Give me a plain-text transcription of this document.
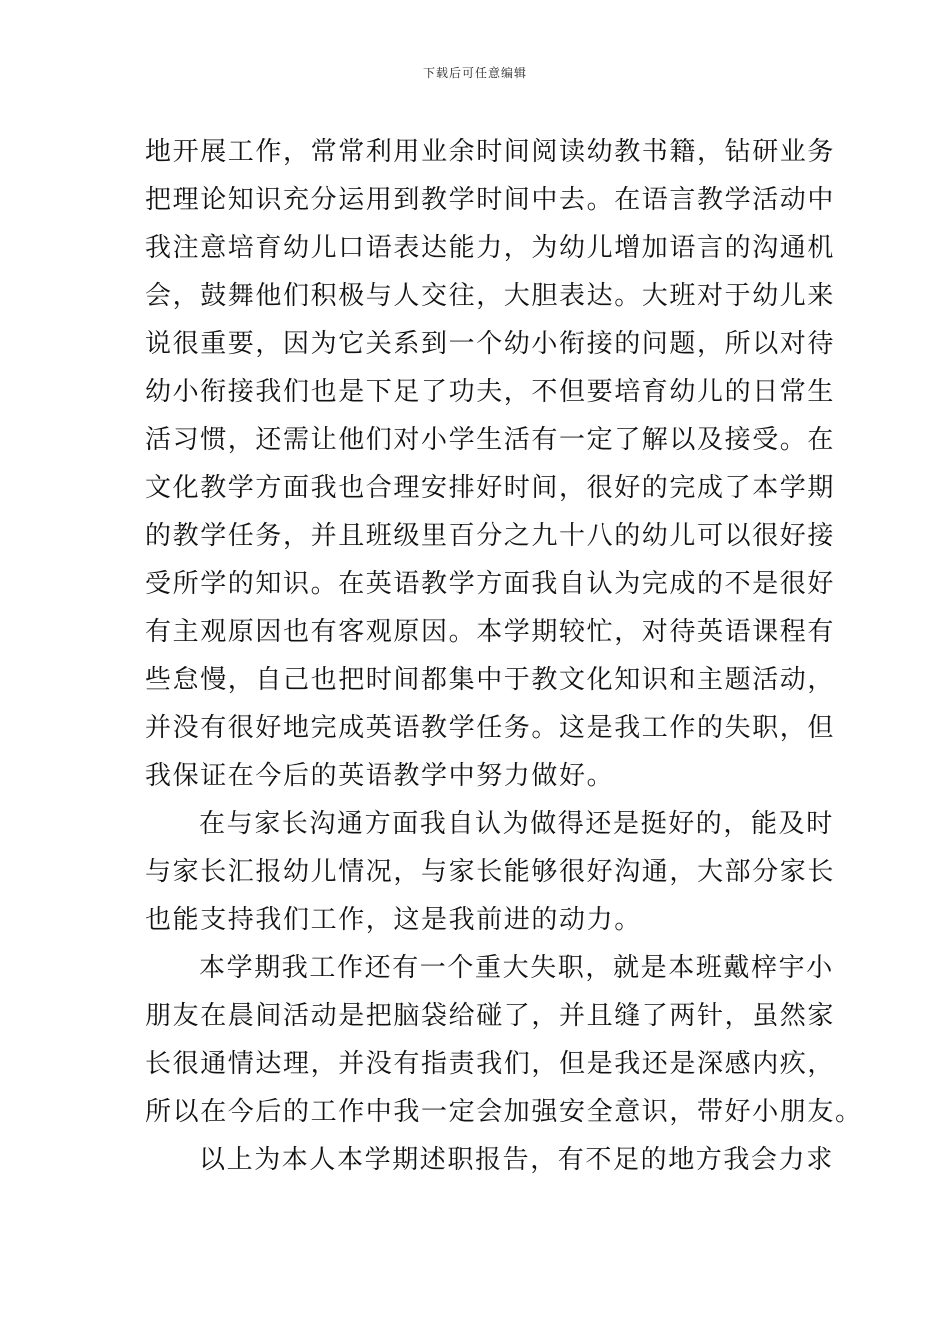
下载后可任意编辑
地开展工作，常常利用业余时间阅读幼教书籍，钻研业务
把理论知识充分运用到教学时间中去。在语言教学活动中
我注意培育幼儿口语表达能力，为幼儿增加语言的沟通机
会，鼓舞他们积极与人交往，大胆表达。大班对于幼儿来
说很重要，因为它关系到一个幼小衔接的问题，所以对待
幼小衔接我们也是下足了功夫，不但要培育幼儿的日常生
活习惯，还需让他们对小学生活有一定了解以及接受。在
文化教学方面我也合理安排好时间，很好的完成了本学期
的教学任务，并且班级里百分之九十八的幼儿可以很好接
受所学的知识。在英语教学方面我自认为完成的不是很好
有主观原因也有客观原因。本学期较忙，对待英语课程有
些怠慢，自己也把时间都集中于教文化知识和主题活动，
并没有很好地完成英语教学任务。这是我工作的失职，但
我保证在今后的英语教学中努力做好。
在与家长沟通方面我自认为做得还是挺好的，能及时
与家长汇报幼儿情况，与家长能够很好沟通，大部分家长
也能支持我们工作，这是我前进的动力。
本学期我工作还有一个重大失职，就是本班戴梓宇小
朋友在晨间活动是把脑袋给碰了，并且缝了两针，虽然家
长很通情达理，并没有指责我们，但是我还是深感内疚，
所以在今后的工作中我一定会加强安全意识，带好小朋友。
以上为本人本学期述职报告，有不足的地方我会力求
